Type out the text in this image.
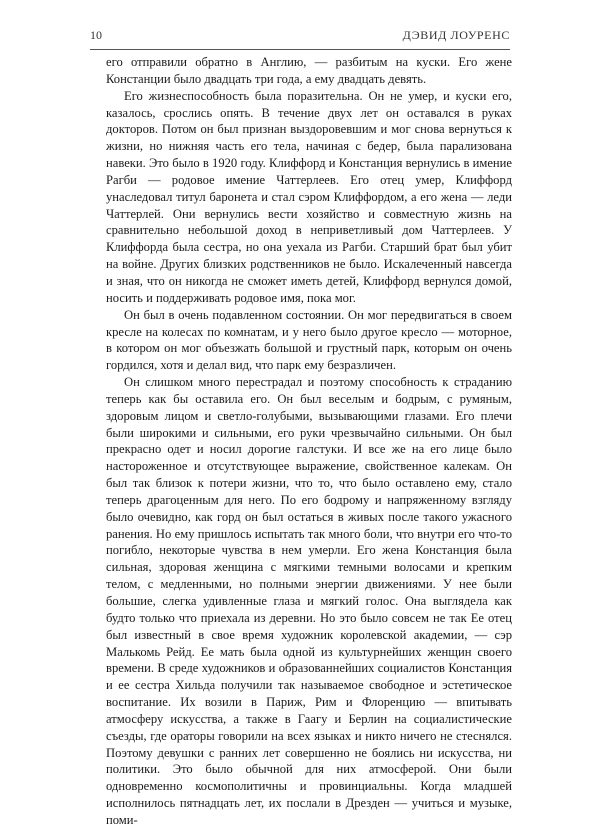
10	ДЭВИД ЛОУРЕНС

его отправили обратно в Англию, — разбитым на куски. Его жене Констанции было двадцать три года, а ему двадцать девять.

Его жизнеспособность была поразительна. Он не умер, и куски его, казалось, срослись опять. В течение двух лет он оставался в руках докторов. Потом он был признан выздоровевшим и мог снова вернуться к жизни, но нижняя часть его тела, начиная с бедер, была парализована навеки. Это было в 1920 году. Клиффорд и Констанция вернулись в имение Рагби — родовое имение Чаттерлеев. Его отец умер, Клиффорд унаследовал титул баронета и стал сэром Клиффордом, а его жена — леди Чаттерлей. Они вернулись вести хозяйство и совместную жизнь на сравнительно небольшой доход в неприветливый дом Чаттерлеев. У Клиффорда была сестра, но она уехала из Рагби. Старший брат был убит на войне. Других близких родственников не было. Искалеченный навсегда и зная, что он никогда не сможет иметь детей, Клиффорд вернулся домой, носить и поддерживать родовое имя, пока мог.

Он был в очень подавленном состоянии. Он мог передвигаться в своем кресле на колесах по комнатам, и у него было другое кресло — моторное, в котором он мог объезжать большой и грустный парк, которым он очень гордился, хотя и делал вид, что парк ему безразличен.

Он слишком много перестрадал и поэтому способность к страданию теперь как бы оставила его. Он был веселым и бодрым, с румяным, здоровым лицом и светло-голубыми, вызывающими глазами. Его плечи были широкими и сильными, его руки чрезвычайно сильными. Он был прекрасно одет и носил дорогие галстуки. И все же на его лице было настороженное и отсутствующее выражение, свойственное калекам. Он был так близок к потери жизни, что то, что было оставлено ему, стало теперь драгоценным для него. По его бодрому и напряженному взгляду было очевидно, как горд он был остаться в живых после такого ужасного ранения. Но ему пришлось испытать так много боли, что внутри его что-то погибло, некоторые чувства в нем умерли. Его жена Констанция была сильная, здоровая женщина с мягкими темными волосами и крепким телом, с медленными, но полными энергии движениями. У нее были большие, слегка удивленные глаза и мягкий голос. Она выглядела как будто только что приехала из деревни. Но это было совсем не так Ее отец был известный в свое время художник королевской академии, — сэр Малькомь Рейд. Ее мать была одной из культурнейших женщин своего времени. В среде художников и образованнейших социалистов Констанция и ее сестра Хильда получили так называемое свободное и эстетическое воспитание. Их возили в Париж, Рим и Флоренцию — впитывать атмосферу искусства, а также в Гаагу и Берлин на социалистические съезды, где ораторы говорили на всех языках и никто ничего не стеснялся. Поэтому девушки с ранних лет совершенно не боялись ни искусства, ни политики. Это было обычной для них атмосферой. Они были одновременно космополитичны и провинциальны. Когда младшей исполнилось пятнадцать лет, их послали в Дрезден — учиться и музыке, поми-
